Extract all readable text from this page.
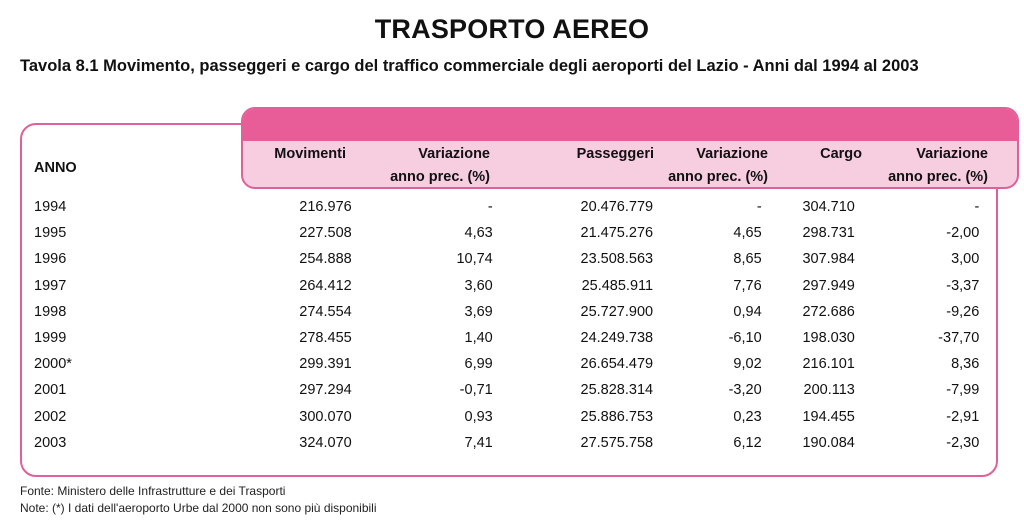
TRASPORTO AEREO
Tavola 8.1 Movimento, passeggeri e cargo del traffico commerciale degli aeroporti del Lazio - Anni dal 1994 al 2003
ANNO
Movimenti	Variazione
anno prec. (%)
Passeggeri	Variazione
anno prec. (%)
Cargo	Variazione
anno prec. (%)
1994	216.976	-	20.476.779	-	304.710	-	
1995	227.508	4,63	21.475.276	4,65	298.731	-2,00	
1996	254.888	10,74	23.508.563	8,65	307.984	3,00	
1997	264.412	3,60	25.485.911	7,76	297.949	-3,37	
1998	274.554	3,69	25.727.900	0,94	272.686	-9,26	
1999	278.455	1,40	24.249.738	-6,10	198.030	-37,70	
2000*	299.391	6,99	26.654.479	9,02	216.101	8,36	
2001	297.294	-0,71	25.828.314	-3,20	200.113	-7,99	
2002	300.070	0,93	25.886.753	0,23	194.455	-2,91	
2003	324.070	7,41	27.575.758	6,12	190.084	-2,30	
Fonte: Ministero delle Infrastrutture e dei Trasporti
Note: (*) I dati dell'aeroporto Urbe dal 2000 non sono più disponibili
